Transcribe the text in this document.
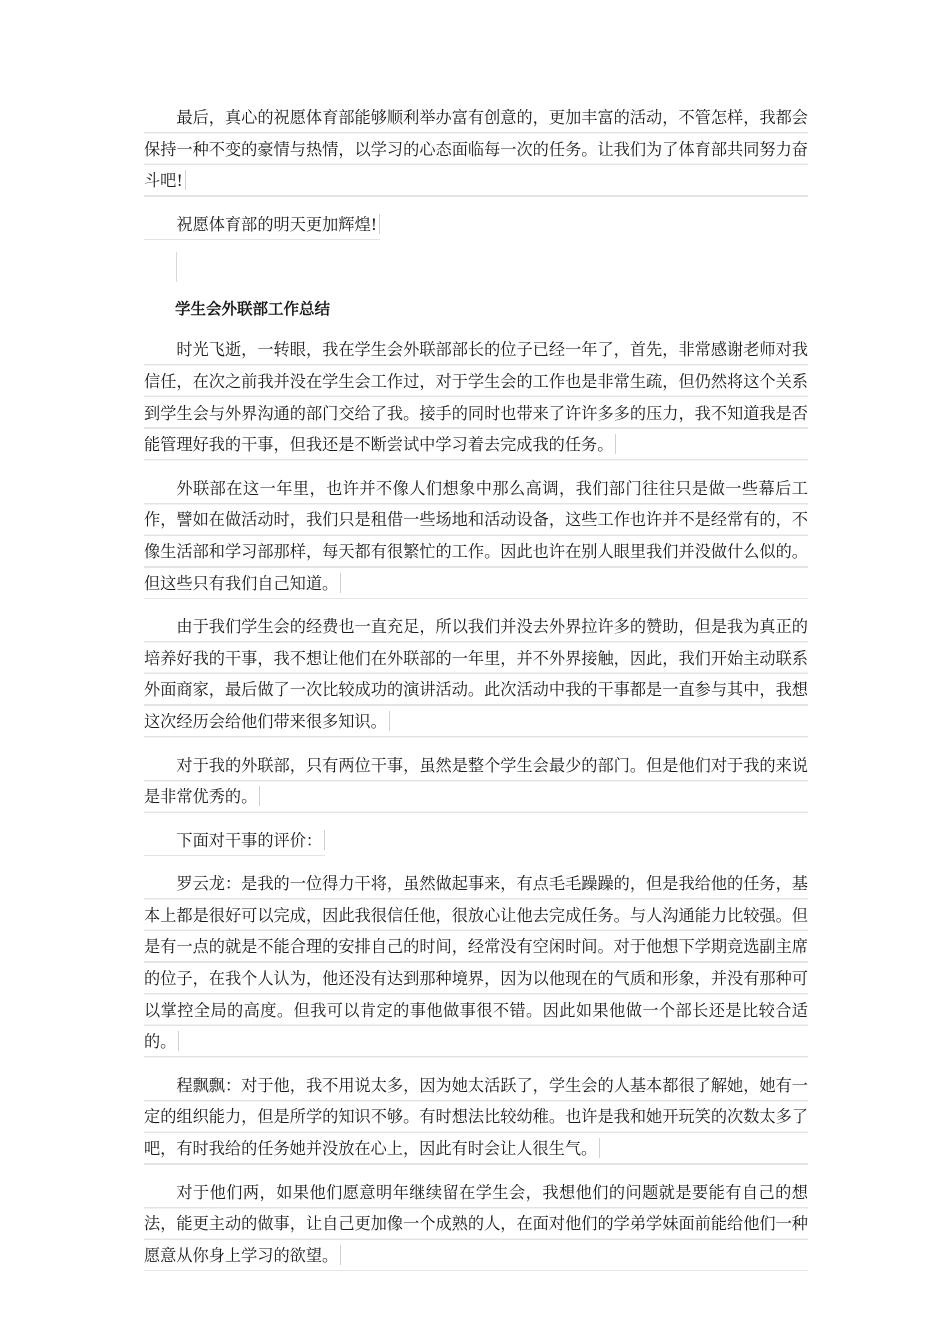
最后，真心的祝愿体育部能够顺利举办富有创意的，更加丰富的活动，不管怎样，我都会保持一种不变的豪情与热情，以学习的心态面临每一次的任务。让我们为了体育部共同努力奋斗吧!

祝愿体育部的明天更加辉煌!

学生会外联部工作总结

时光飞逝，一转眼，我在学生会外联部部长的位子已经一年了，首先，非常感谢老师对我信任，在次之前我并没在学生会工作过，对于学生会的工作也是非常生疏，但仍然将这个关系到学生会与外界沟通的部门交给了我。接手的同时也带来了许许多多的压力，我不知道我是否能管理好我的干事，但我还是不断尝试中学习着去完成我的任务。

外联部在这一年里，也许并不像人们想象中那么高调，我们部门往往只是做一些幕后工作，譬如在做活动时，我们只是租借一些场地和活动设备，这些工作也许并不是经常有的，不像生活部和学习部那样，每天都有很繁忙的工作。因此也许在别人眼里我们并没做什么似的。但这些只有我们自己知道。

由于我们学生会的经费也一直充足，所以我们并没去外界拉许多的赞助，但是我为真正的培养好我的干事，我不想让他们在外联部的一年里，并不外界接触，因此，我们开始主动联系外面商家，最后做了一次比较成功的演讲活动。此次活动中我的干事都是一直参与其中，我想这次经历会给他们带来很多知识。

对于我的外联部，只有两位干事，虽然是整个学生会最少的部门。但是他们对于我的来说是非常优秀的。

下面对干事的评价：

罗云龙：是我的一位得力干将，虽然做起事来，有点毛毛躁躁的，但是我给他的任务，基本上都是很好可以完成，因此我很信任他，很放心让他去完成任务。与人沟通能力比较强。但是有一点的就是不能合理的安排自己的时间，经常没有空闲时间。对于他想下学期竞选副主席的位子，在我个人认为，他还没有达到那种境界，因为以他现在的气质和形象，并没有那种可以掌控全局的高度。但我可以肯定的事他做事很不错。因此如果他做一个部长还是比较合适的。

程飘飘：对于他，我不用说太多，因为她太活跃了，学生会的人基本都很了解她，她有一定的组织能力，但是所学的知识不够。有时想法比较幼稚。也许是我和她开玩笑的次数太多了吧，有时我给的任务她并没放在心上，因此有时会让人很生气。

对于他们两，如果他们愿意明年继续留在学生会，我想他们的问题就是要能有自己的想法，能更主动的做事，让自己更加像一个成熟的人，在面对他们的学弟学妹面前能给他们一种愿意从你身上学习的欲望。
